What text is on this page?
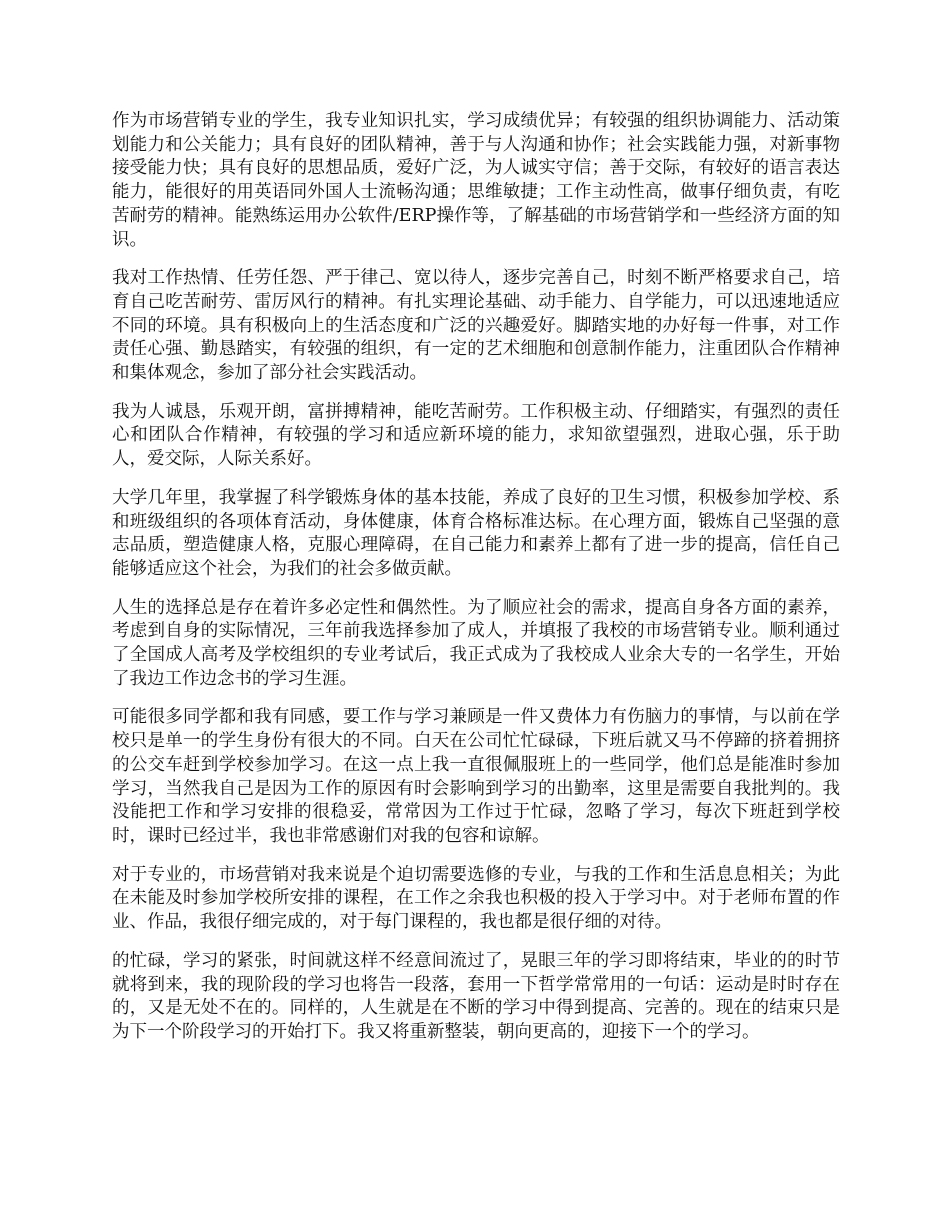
作为市场营销专业的学生，我专业知识扎实，学习成绩优异；有较强的组织协调能力、活动策划能力和公关能力；具有良好的团队精神，善于与人沟通和协作；社会实践能力强，对新事物接受能力快；具有良好的思想品质，爱好广泛，为人诚实守信；善于交际，有较好的语言表达能力，能很好的用英语同外国人士流畅沟通；思维敏捷；工作主动性高，做事仔细负责，有吃苦耐劳的精神。能熟练运用办公软件/ERP操作等，了解基础的市场营销学和一些经济方面的知识。

我对工作热情、任劳任怨、严于律己、宽以待人，逐步完善自己，时刻不断严格要求自己，培育自己吃苦耐劳、雷厉风行的精神。有扎实理论基础、动手能力、自学能力，可以迅速地适应不同的环境。具有积极向上的生活态度和广泛的兴趣爱好。脚踏实地的办好每一件事，对工作责任心强、勤恳踏实，有较强的组织，有一定的艺术细胞和创意制作能力，注重团队合作精神和集体观念，参加了部分社会实践活动。

我为人诚恳，乐观开朗，富拼搏精神，能吃苦耐劳。工作积极主动、仔细踏实，有强烈的责任心和团队合作精神，有较强的学习和适应新环境的能力，求知欲望强烈，进取心强，乐于助人，爱交际，人际关系好。

大学几年里，我掌握了科学锻炼身体的基本技能，养成了良好的卫生习惯，积极参加学校、系和班级组织的各项体育活动，身体健康，体育合格标准达标。在心理方面，锻炼自己坚强的意志品质，塑造健康人格，克服心理障碍，在自己能力和素养上都有了进一步的提高，信任自己能够适应这个社会，为我们的社会多做贡献。

人生的选择总是存在着许多必定性和偶然性。为了顺应社会的需求，提高自身各方面的素养，考虑到自身的实际情况，三年前我选择参加了成人，并填报了我校的市场营销专业。顺利通过了全国成人高考及学校组织的专业考试后，我正式成为了我校成人业余大专的一名学生，开始了我边工作边念书的学习生涯。

可能很多同学都和我有同感，要工作与学习兼顾是一件又费体力有伤脑力的事情，与以前在学校只是单一的学生身份有很大的不同。白天在公司忙忙碌碌，下班后就又马不停蹄的挤着拥挤的公交车赶到学校参加学习。在这一点上我一直很佩服班上的一些同学，他们总是能准时参加学习，当然我自己是因为工作的原因有时会影响到学习的出勤率，这里是需要自我批判的。我没能把工作和学习安排的很稳妥，常常因为工作过于忙碌，忽略了学习，每次下班赶到学校时，课时已经过半，我也非常感谢们对我的包容和谅解。

对于专业的，市场营销对我来说是个迫切需要选修的专业，与我的工作和生活息息相关；为此在未能及时参加学校所安排的课程，在工作之余我也积极的投入于学习中。对于老师布置的作业、作品，我很仔细完成的，对于每门课程的，我也都是很仔细的对待。

的忙碌，学习的紧张，时间就这样不经意间流过了，晃眼三年的学习即将结束，毕业的的时节就将到来，我的现阶段的学习也将告一段落，套用一下哲学常常用的一句话：运动是时时存在的，又是无处不在的。同样的，人生就是在不断的学习中得到提高、完善的。现在的结束只是为下一个阶段学习的开始打下。我又将重新整装，朝向更高的，迎接下一个的学习。
